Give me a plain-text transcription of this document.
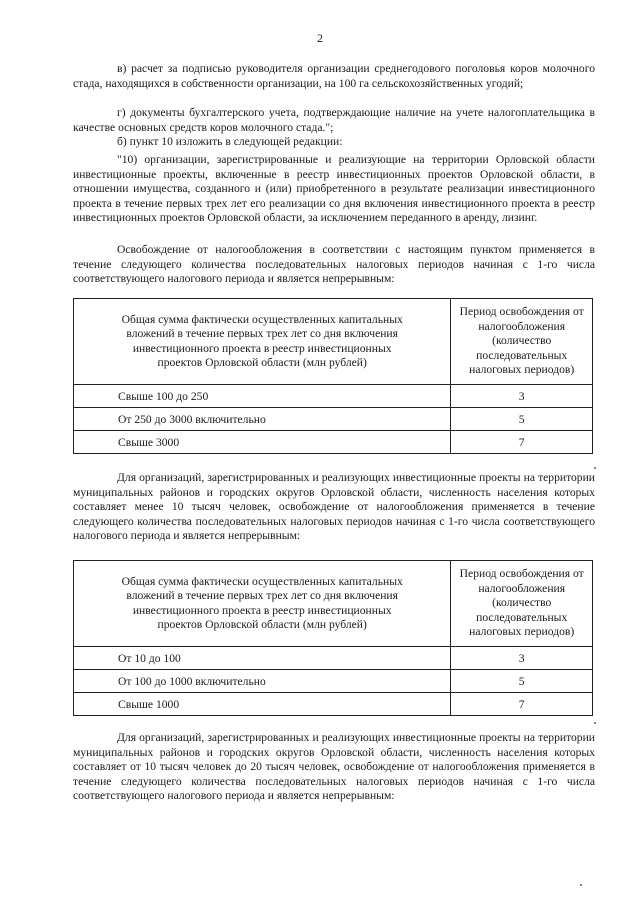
2

в) расчет за подписью руководителя организации среднегодового поголовья коров молочного стада, находящихся в собственности организации, на 100 га сельскохозяйственных угодий;

г) документы бухгалтерского учета, подтверждающие наличие на учете налогоплательщика в качестве основных средств коров молочного стада.";

б) пункт 10 изложить в следующей редакции:

"10) организации, зарегистрированные и реализующие на территории Орловской области инвестиционные проекты, включенные в реестр инвестиционных проектов Орловской области, в отношении имущества, созданного и (или) приобретенного в результате реализации инвестиционного проекта в течение первых трех лет его реализации со дня включения инвестиционного проекта в реестр инвестиционных проектов Орловской области, за исключением переданного в аренду, лизинг.

Освобождение от налогообложения в соответствии с настоящим пунктом применяется в течение следующего количества последовательных налоговых периодов начиная с 1-го числа соответствующего налогового периода и является непрерывным:

Общая сумма фактически осуществленных капитальных вложений в течение первых трех лет со дня включения инвестиционного проекта в реестр инвестиционных проектов Орловской области (млн рублей)	Период освобождения от налогообложения (количество последовательных налоговых периодов)

Свыше 100 до 250	3
От 250 до 3000 включительно	5
Свыше 3000	7

Для организаций, зарегистрированных и реализующих инвестиционные проекты на территории муниципальных районов и городских округов Орловской области, численность населения которых составляет менее 10 тысяч человек, освобождение от налогообложения применяется в течение следующего количества последовательных налоговых периодов начиная с 1-го числа соответствующего налогового периода и является непрерывным:

Общая сумма фактически осуществленных капитальных вложений в течение первых трех лет со дня включения инвестиционного проекта в реестр инвестиционных проектов Орловской области (млн рублей)	Период освобождения от налогообложения (количество последовательных налоговых периодов)

От 10 до 100	3
От 100 до 1000 включительно	5
Свыше 1000	7

Для организаций, зарегистрированных и реализующих инвестиционные проекты на территории муниципальных районов и городских округов Орловской области, численность населения которых составляет от 10 тысяч человек до 20 тысяч человек, освобождение от налогообложения применяется в течение следующего количества последовательных налоговых периодов начиная с 1-го числа соответствующего налогового периода и является непрерывным:
